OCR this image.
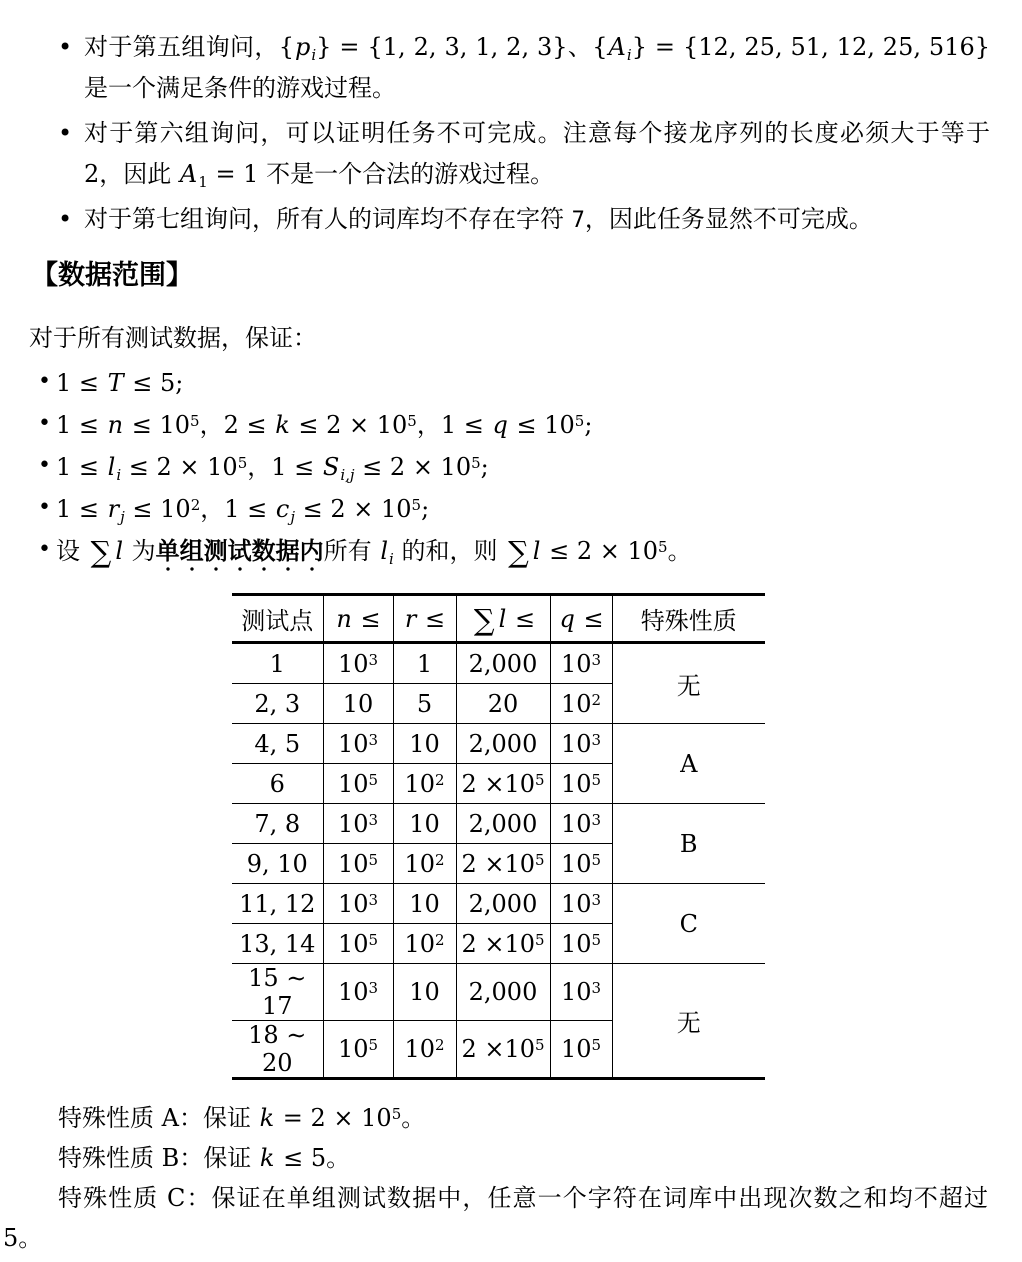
• 对于第五组询问，$\{p_i\} = \{1$, 2, 3, 1, 2, 3}、$\{A_i\} = \{12$, 25, 51, 12, 25, 516} 是一个满足条件的游戏过程。
• 对于第六组询问，可以证明任务不可完成。注意每个接龙序列的长度必须大于等于 2，因此 $A_1 = 1$ 不是一个合法的游戏过程。
• 对于第七组询问，所有人的词库均不存在字符 7，因此任务显然不可完成。
【数据范围】

对于所有测试数据，保证：

• 1 ≤ T ≤ 5;
• $1 \le n \le 10^5$，$2 \le k \le 2 \times 10^5$，$1 \le q \le 10^5$;
• $1 \le l_i \le 2 \times 10^5$，$1 \le S_{i,j} \le 2 \times 10^5$;
• $1 \le r_j \le 10^2$，$1 \le c_j \le 2 \times 10^5$;
• 设 ∑ l 为单组测试数据内所有 $l_i$ 的和，则 ∑ $l \le 2 \times 10^5$。
测试点	n ≤	r ≤	∑ l ≤	q ≤	特殊性质
1	$10^3$	1	2,000	$10^3$	无
2, 3	10	5	20	$10^2$
4, 5	$10^3$	10	2,000	$10^3$	A
6	$10^5$	$10^2$	$2 \times 10^5$	$10^5$
7, 8	$10^3$	10	2,000	$10^3$	B
9, 10	$10^5$	$10^2$	$2 \times 10^5$	$10^5$
11, 12	$10^3$	10	2,000	$10^3$	C
13, 14	$10^5$	$10^2$	$2 \times 10^5$	$10^5$
15 ∼ 17	$10^3$	10	2,000	$10^3$	无
18 ∼ 20	$10^5$	$10^2$	$2 \times 10^5$	$10^5$

特殊性质 A：保证 $k = 2 \times 10^5$。

特殊性质 B：保证 k ≤ 5。

特殊性质 C：保证在单组测试数据中，任意一个字符在词库中出现次数之和均不超过 5。
